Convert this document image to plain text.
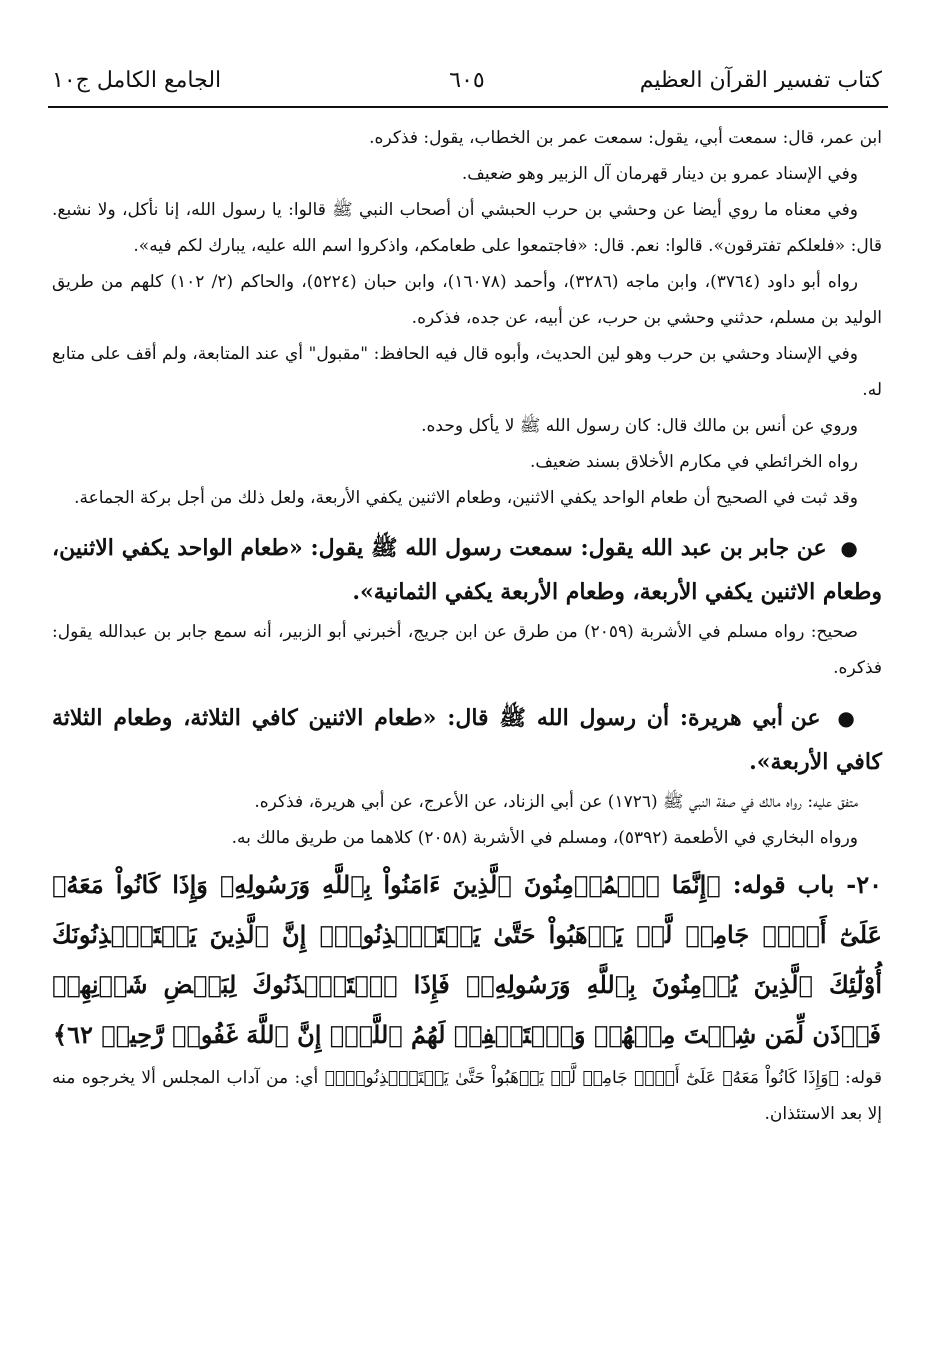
كتاب تفسير القرآن العظيم
٦٠٥
الجامع الكامل ج١٠

ابن عمر، قال: سمعت أبي، يقول: سمعت عمر بن الخطاب، يقول: فذكره.

وفي الإسناد عمرو بن دينار قهرمان آل الزبير وهو ضعيف.

وفي معناه ما روي أيضا عن وحشي بن حرب الحبشي أن أصحاب النبي ﷺ قالوا: يا رسول الله، إنا نأكل، ولا نشبع. قال: «فلعلكم تفترقون». قالوا: نعم. قال: «فاجتمعوا على طعامكم، واذكروا اسم الله عليه، يبارك لكم فيه».

رواه أبو داود (٣٧٦٤)، وابن ماجه (٣٢٨٦)، وأحمد (١٦٠٧٨)، وابن حبان (٥٢٢٤)، والحاكم (٢/ ١٠٢) كلهم من طريق الوليد بن مسلم، حدثني وحشي بن حرب، عن أبيه، عن جده، فذكره.

وفي الإسناد وحشي بن حرب وهو لين الحديث، وأبوه قال فيه الحافظ: "مقبول" أي عند المتابعة، ولم أقف على متابع له.

وروي عن أنس بن مالك قال: كان رسول الله ﷺ لا يأكل وحده.

رواه الخرائطي في مكارم الأخلاق بسند ضعيف.

وقد ثبت في الصحيح أن طعام الواحد يكفي الاثنين، وطعام الاثنين يكفي الأربعة، ولعل ذلك من أجل بركة الجماعة.

● عن جابر بن عبد الله يقول: سمعت رسول الله ﷺ يقول: «طعام الواحد يكفي الاثنين، وطعام الاثنين يكفي الأربعة، وطعام الأربعة يكفي الثمانية».

صحيح: رواه مسلم في الأشربة (٢٠٥٩) من طرق عن ابن جريج، أخبرني أبو الزبير، أنه سمع جابر بن عبدالله يقول: فذكره.

● عن أبي هريرة: أن رسول الله ﷺ قال: «طعام الاثنين كافي الثلاثة، وطعام الثلاثة كافي الأربعة».

متفق عليه: رواه مالك في صفة النبي ﷺ (١٧٢٦) عن أبي الزناد، عن الأعرج، عن أبي هريرة، فذكره.

ورواه البخاري في الأطعمة (٥٣٩٢)، ومسلم في الأشربة (٢٠٥٨) كلاهما من طريق مالك به.

٢٠- باب قوله: ﴿إِنَّمَا ٱلۡمُؤۡمِنُونَ ٱلَّذِينَ ءَامَنُواْ بِٱللَّهِ وَرَسُولِهِۦ وَإِذَا كَانُواْ مَعَهُۥ عَلَىٰٓ أَمۡرٖ جَامِعٖ لَّمۡ يَذۡهَبُواْ حَتَّىٰ يَسۡتَـٔۡذِنُوهُۚ إِنَّ ٱلَّذِينَ يَسۡتَـٔۡذِنُونَكَ أُوْلَٰٓئِكَ ٱلَّذِينَ يُؤۡمِنُونَ بِٱللَّهِ وَرَسُولِهِۦۚ فَإِذَا ٱسۡتَـٔۡذَنُوكَ لِبَعۡضِ شَأۡنِهِمۡ فَأۡذَن لِّمَن شِئۡتَ مِنۡهُمۡ وَٱسۡتَغۡفِرۡ لَهُمُ ٱللَّهَۚ إِنَّ ٱللَّهَ غَفُورٞ رَّحِيمٞ ٦٢﴾

قوله: ﴿وَإِذَا كَانُواْ مَعَهُۥ عَلَىٰٓ أَمۡرٖ جَامِعٖ لَّمۡ يَذۡهَبُواْ حَتَّىٰ يَسۡتَـٔۡذِنُوهُۚ﴾ أي: من آداب المجلس ألا يخرجوه منه إلا بعد الاستئذان.
